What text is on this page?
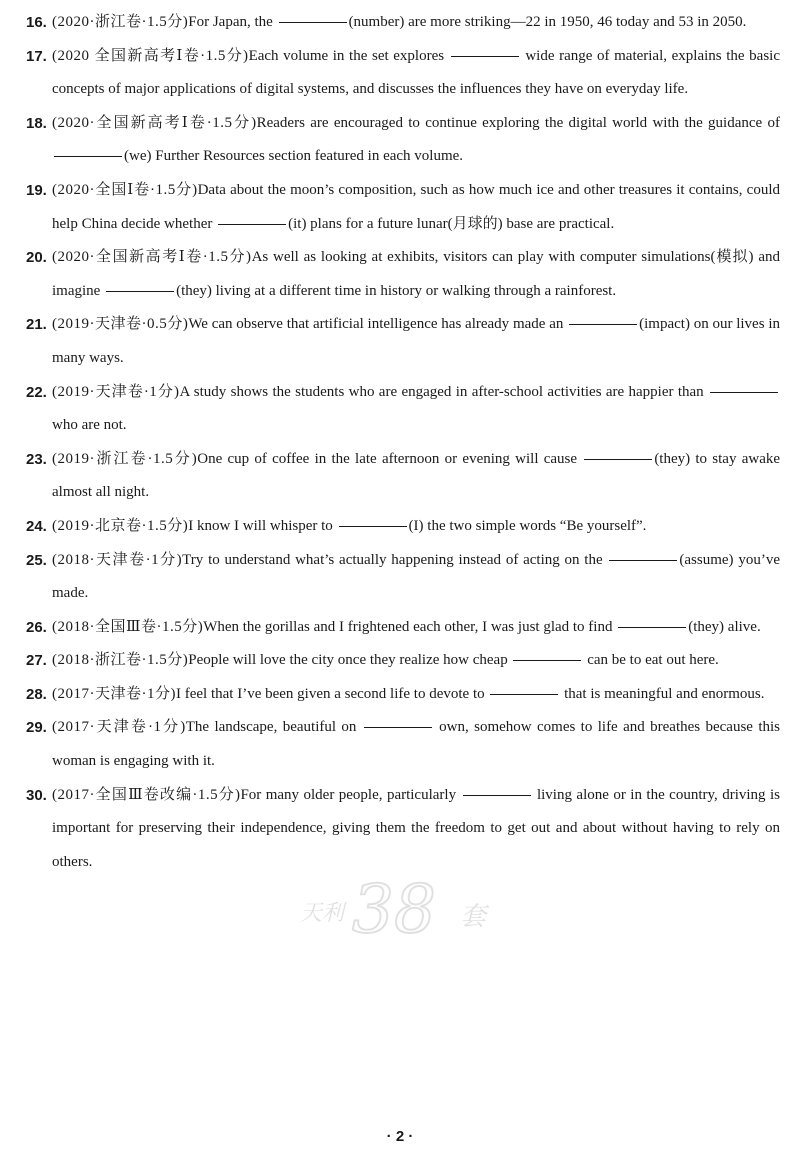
16. (2020·浙江卷·1.5分)For Japan, the	(number) are more striking—22 in 1950, 46 today and 53 in 2050.
17. (2020 全国新高考Ⅰ卷·1.5分)Each volume in the set explores	wide range of material, explains the basic concepts of major applications of digital systems, and discusses the influences they have on everyday life.
18. (2020·全国新高考Ⅰ卷·1.5分)Readers are encouraged to continue exploring the digital world with the guidance of (we) Further Resources section featured in each volume.
19. (2020·全国Ⅰ卷·1.5分)Data about the moon’s composition, such as how much ice and other treasures it contains, could help China decide whether	(it) plans for a future lunar(月球的) base are practical.
20. (2020·全国新高考Ⅰ卷·1.5分)As well as looking at exhibits, visitors can play with computer simulations(模拟) and imagine	(they) living at a different time in history or walking through a rainforest.
21. (2019·天津卷·0.5分)We can observe that artificial intelligence has already made an	(impact) on our lives in many ways.
22. (2019·天津卷·1分)A study shows the students who are engaged in after-school activities are happier than  who are not.
23. (2019·浙江卷·1.5分)One cup of coffee in the late afternoon or evening will cause	(they) to stay awake almost all night.
24. (2019·北京卷·1.5分)I know I will whisper to	(I) the two simple words “Be yourself”.
25. (2018·天津卷·1分)Try to understand what’s actually happening instead of acting on the	(assume) you’ve made.
26. (2018·全国Ⅲ卷·1.5分)When the gorillas and I frightened each other, I was just glad to find	(they) alive.
27. (2018·浙江卷·1.5分)People will love the city once they realize how cheap	can be to eat out here.
28. (2017·天津卷·1分)I feel that I’ve been given a second life to devote to	that is meaningful and enormous.
29. (2017·天津卷·1分)The landscape, beautiful on	own, somehow comes to life and breathes because this woman is engaging with it.
30. (2017·全国Ⅲ卷改编·1.5分)For many older people, particularly	living alone or in the country, driving is important for preserving their independence, giving them the freedom to get out and about without having to rely on others.
天利 38 套
· 2 ·
